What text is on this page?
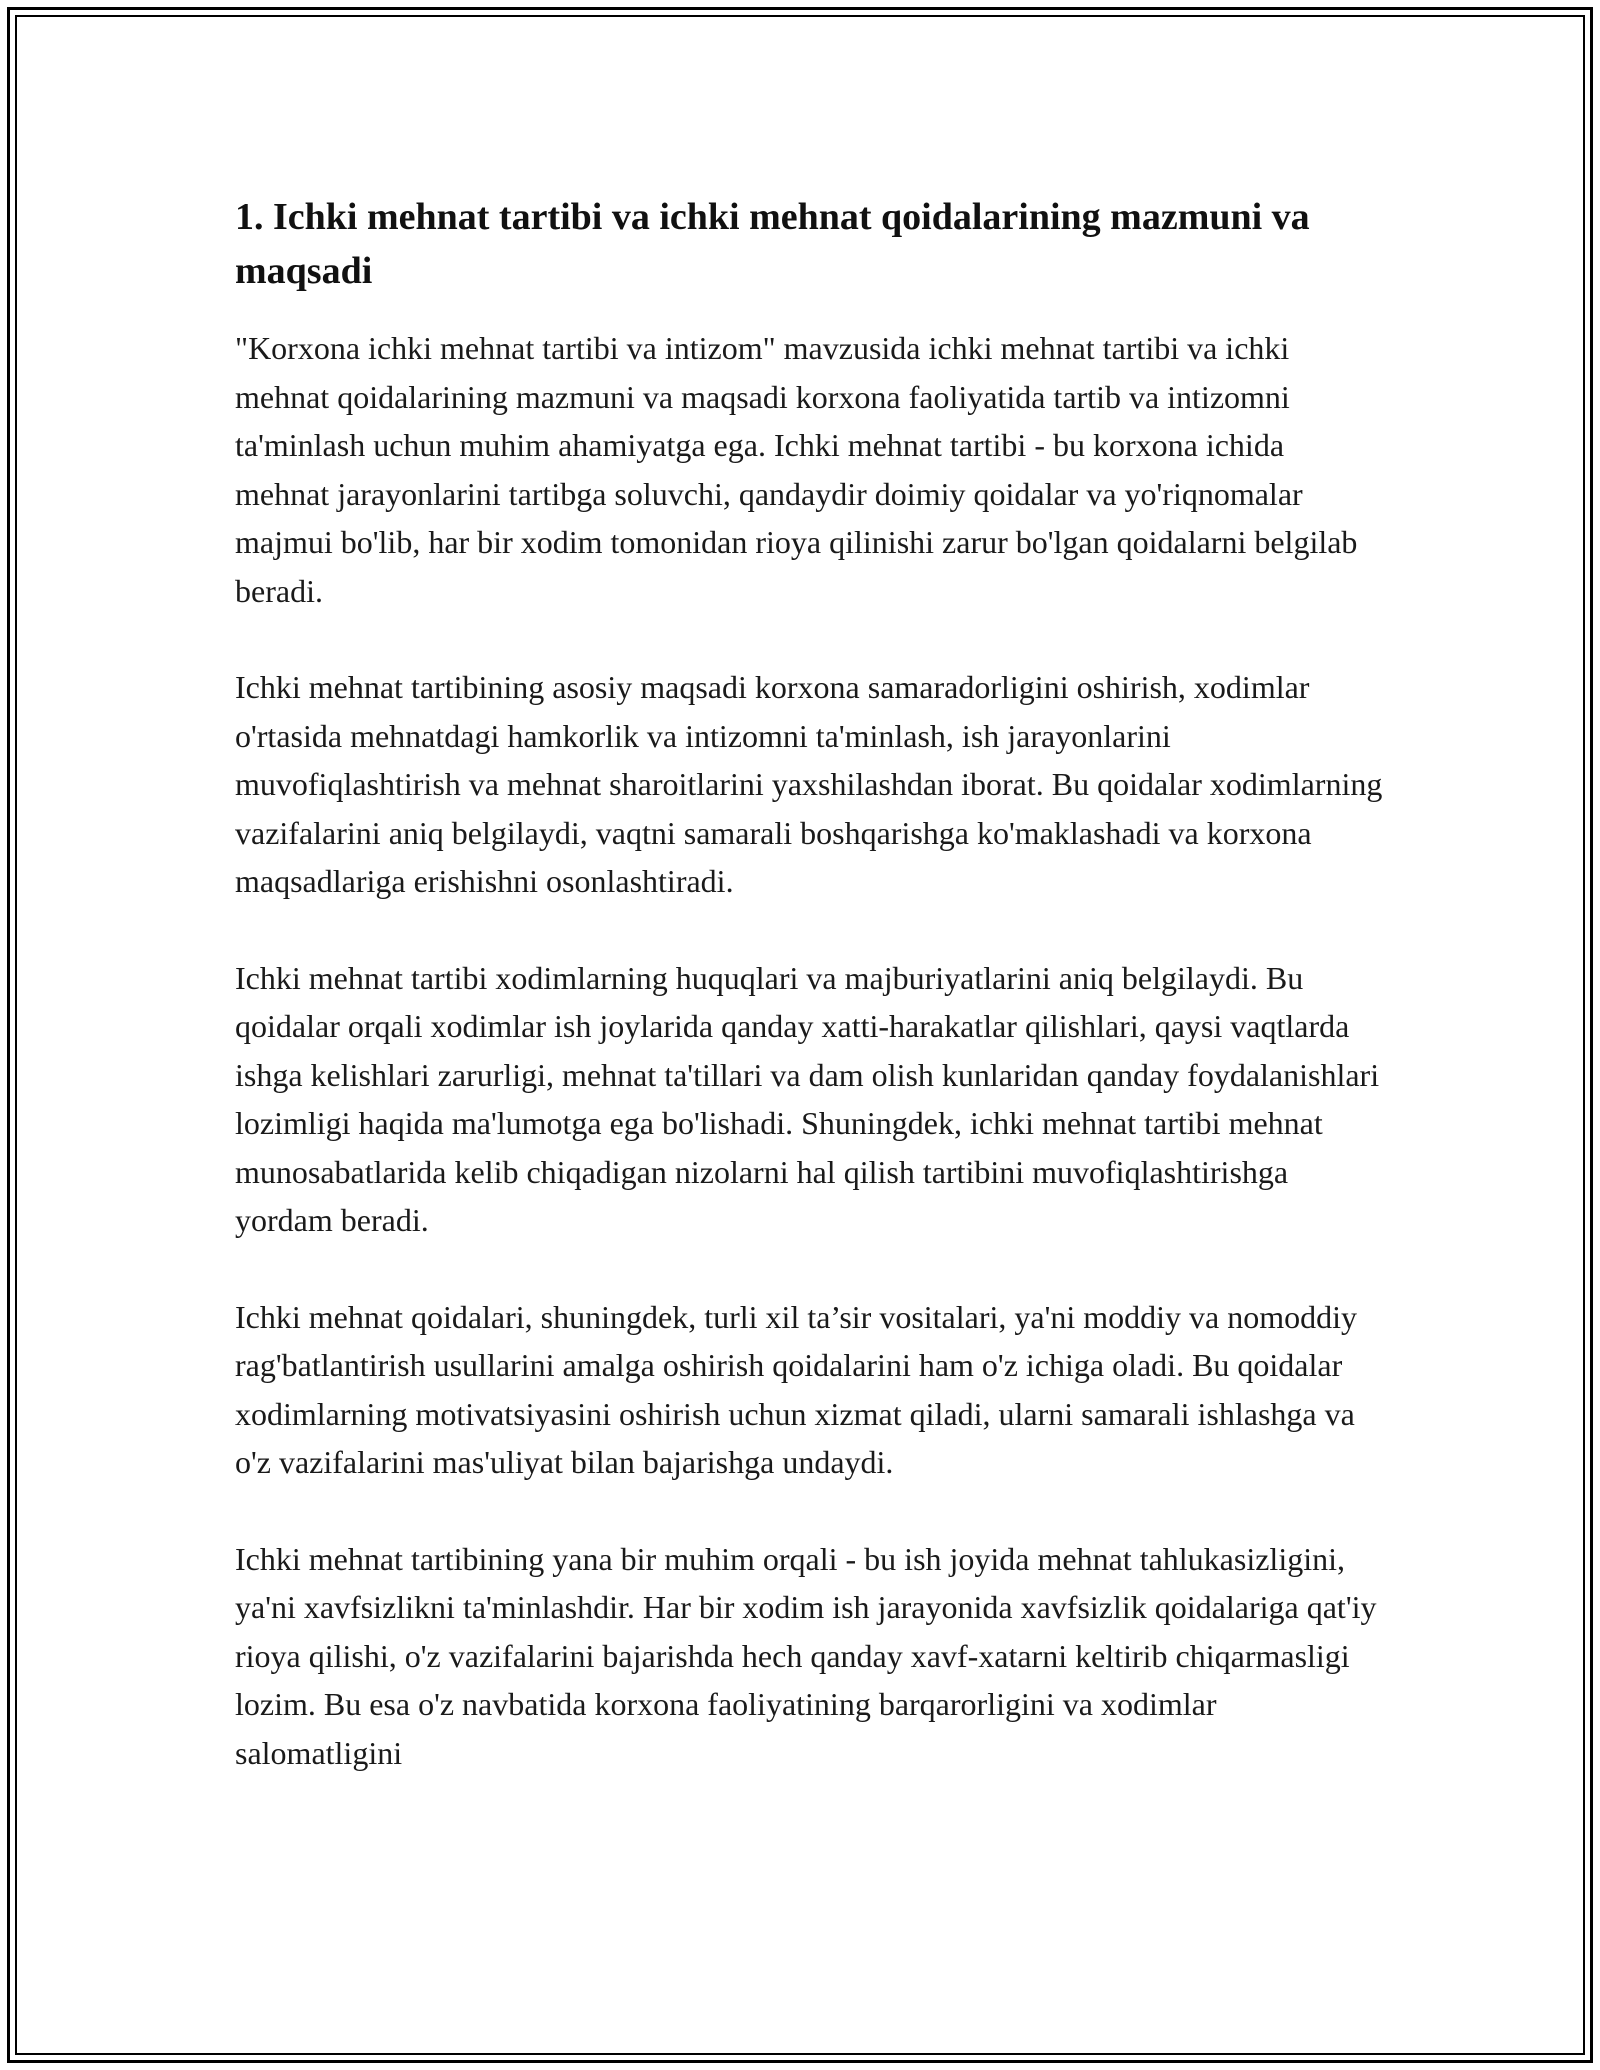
1. Ichki mehnat tartibi va ichki mehnat qoidalarining mazmuni va maqsadi

"Korxona ichki mehnat tartibi va intizom" mavzusida ichki mehnat tartibi va ichki mehnat qoidalarining mazmuni va maqsadi korxona faoliyatida tartib va intizomni ta'minlash uchun muhim ahamiyatga ega. Ichki mehnat tartibi - bu korxona ichida mehnat jarayonlarini tartibga soluvchi, qandaydir doimiy qoidalar va yo'riqnomalar majmui bo'lib, har bir xodim tomonidan rioya qilinishi zarur bo'lgan qoidalarni belgilab beradi.

Ichki mehnat tartibining asosiy maqsadi korxona samaradorligini oshirish, xodimlar o'rtasida mehnatdagi hamkorlik va intizomni ta'minlash, ish jarayonlarini muvofiqlashtirish va mehnat sharoitlarini yaxshilashdan iborat. Bu qoidalar xodimlarning vazifalarini aniq belgilaydi, vaqtni samarali boshqarishga ko'maklashadi va korxona maqsadlariga erishishni osonlashtiradi.

Ichki mehnat tartibi xodimlarning huquqlari va majburiyatlarini aniq belgilaydi. Bu qoidalar orqali xodimlar ish joylarida qanday xatti-harakatlar qilishlari, qaysi vaqtlarda ishga kelishlari zarurligi, mehnat ta'tillari va dam olish kunlaridan qanday foydalanishlari lozimligi haqida ma'lumotga ega bo'lishadi. Shuningdek, ichki mehnat tartibi mehnat munosabatlarida kelib chiqadigan nizolarni hal qilish tartibini muvofiqlashtirishga yordam beradi.

Ichki mehnat qoidalari, shuningdek, turli xil ta’sir vositalari, ya'ni moddiy va nomoddiy rag'batlantirish usullarini amalga oshirish qoidalarini ham o'z ichiga oladi. Bu qoidalar xodimlarning motivatsiyasini oshirish uchun xizmat qiladi, ularni samarali ishlashga va o'z vazifalarini mas'uliyat bilan bajarishga undaydi.

Ichki mehnat tartibining yana bir muhim orqali - bu ish joyida mehnat tahlukasizligini, ya'ni xavfsizlikni ta'minlashdir. Har bir xodim ish jarayonida xavfsizlik qoidalariga qat'iy rioya qilishi, o'z vazifalarini bajarishda hech qanday xavf-xatarni keltirib chiqarmasligi lozim. Bu esa o'z navbatida korxona faoliyatining barqarorligini va xodimlar salomatligini
